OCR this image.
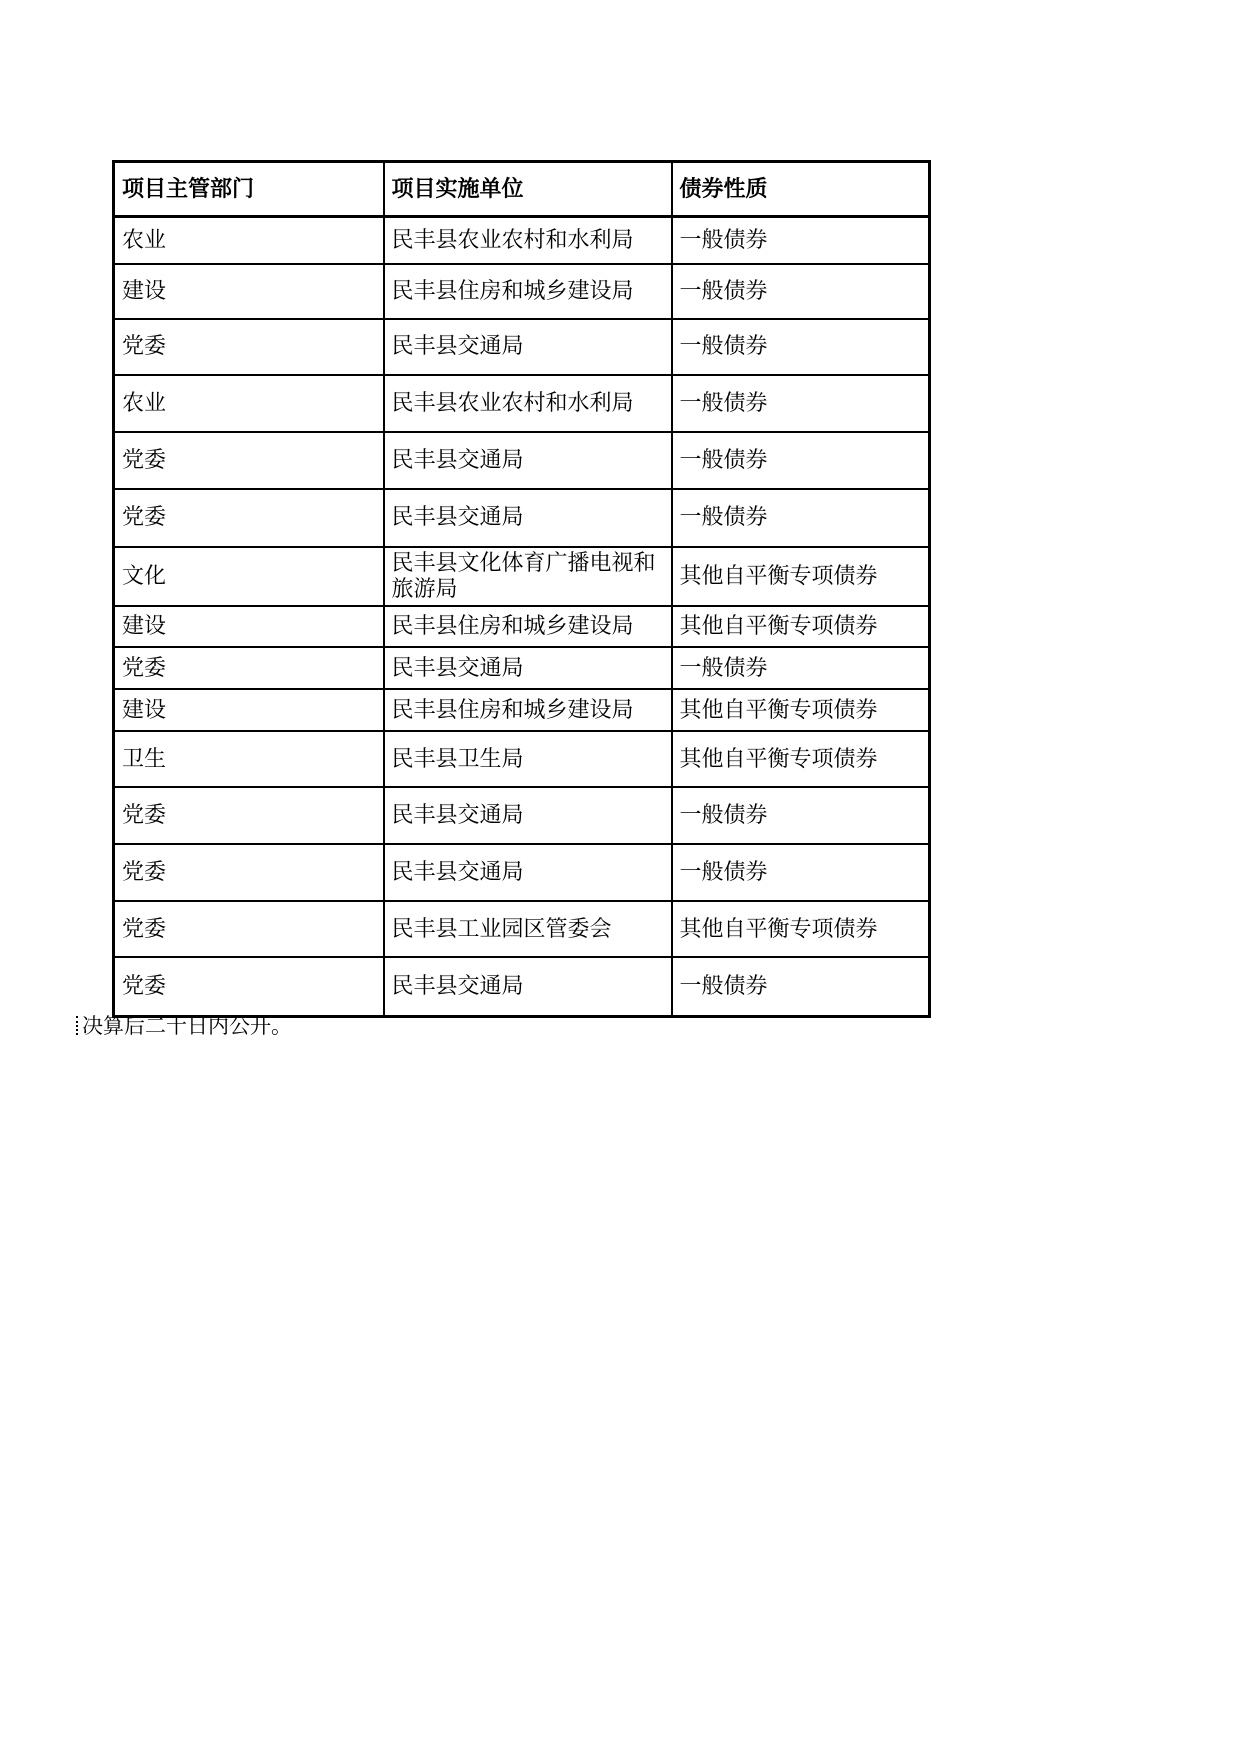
项目主管部门	项目实施单位	债券性质
农业	民丰县农业农村和水利局	一般债券
建设	民丰县住房和城乡建设局	一般债券
党委	民丰县交通局	一般债券
农业	民丰县农业农村和水利局	一般债券
党委	民丰县交通局	一般债券
党委	民丰县交通局	一般债券
文化	民丰县文化体育广播电视和旅游局	其他自平衡专项债券
建设	民丰县住房和城乡建设局	其他自平衡专项债券
党委	民丰县交通局	一般债券
建设	民丰县住房和城乡建设局	其他自平衡专项债券
卫生	民丰县卫生局	其他自平衡专项债券
党委	民丰县交通局	一般债券
党委	民丰县交通局	一般债券
党委	民丰县工业园区管委会	其他自平衡专项债券
党委	民丰县交通局	一般债券
决算后二十日内公开。
